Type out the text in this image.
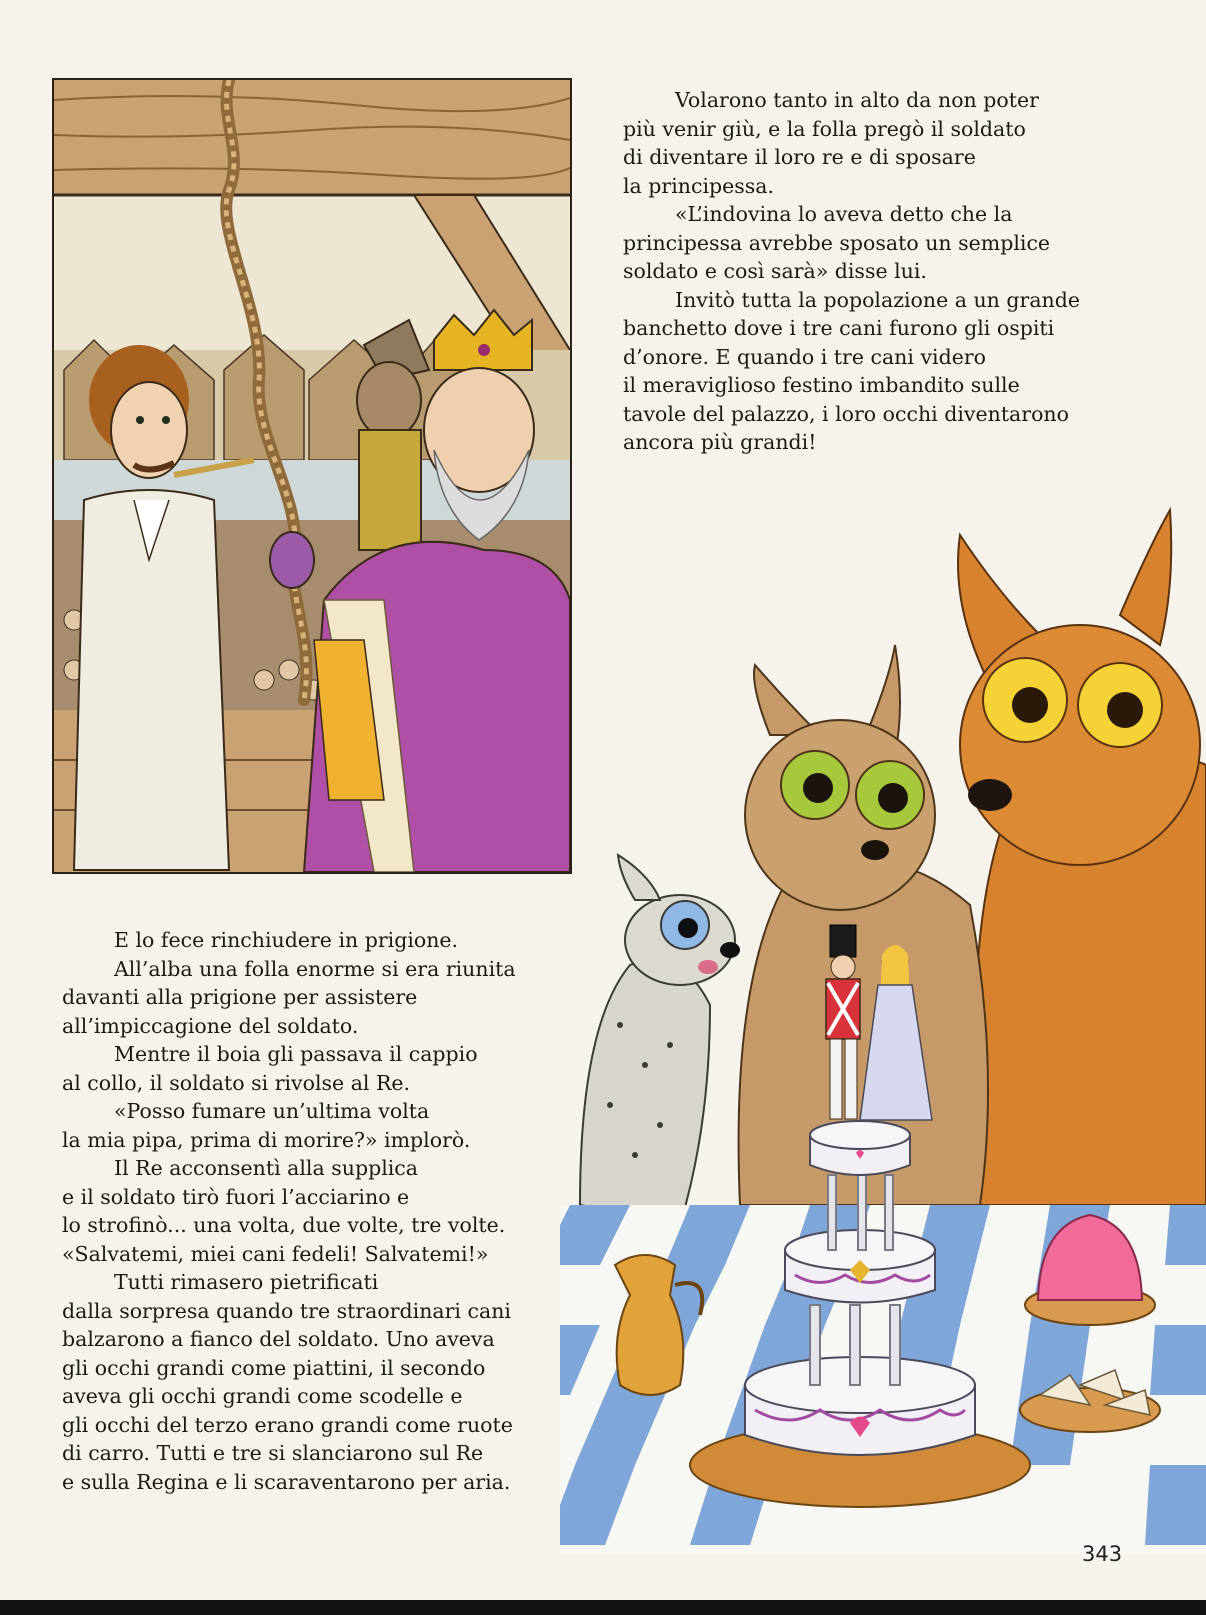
Volarono tanto in alto da non poter
più venir giù, e la folla pregò il soldato
di diventare il loro re e di sposare
la principessa.

«L’indovina lo aveva detto che la
principessa avrebbe sposato un semplice
soldato e così sarà» disse lui.

Invitò tutta la popolazione a un grande
banchetto dove i tre cani furono gli ospiti
d’onore. E quando i tre cani videro
il meraviglioso festino imbandito sulle
tavole del palazzo, i loro occhi diventarono
ancora più grandi!

E lo fece rinchiudere in prigione.

All’alba una folla enorme si era riunita
davanti alla prigione per assistere
all’impiccagione del soldato.

Mentre il boia gli passava il cappio
al collo, il soldato si rivolse al Re.

«Posso fumare un’ultima volta
la mia pipa, prima di morire?» implorò.

Il Re acconsentì alla supplica
e il soldato tirò fuori l’acciarino e
lo strofinò... una volta, due volte, tre volte.
«Salvatemi, miei cani fedeli! Salvatemi!»

Tutti rimasero pietrificati
dalla sorpresa quando tre straordinari cani
balzarono a fianco del soldato. Uno aveva
gli occhi grandi come piattini, il secondo
aveva gli occhi grandi come scodelle e
gli occhi del terzo erano grandi come ruote
di carro. Tutti e tre si slanciarono sul Re
e sulla Regina e li scaraventarono per aria.

343
